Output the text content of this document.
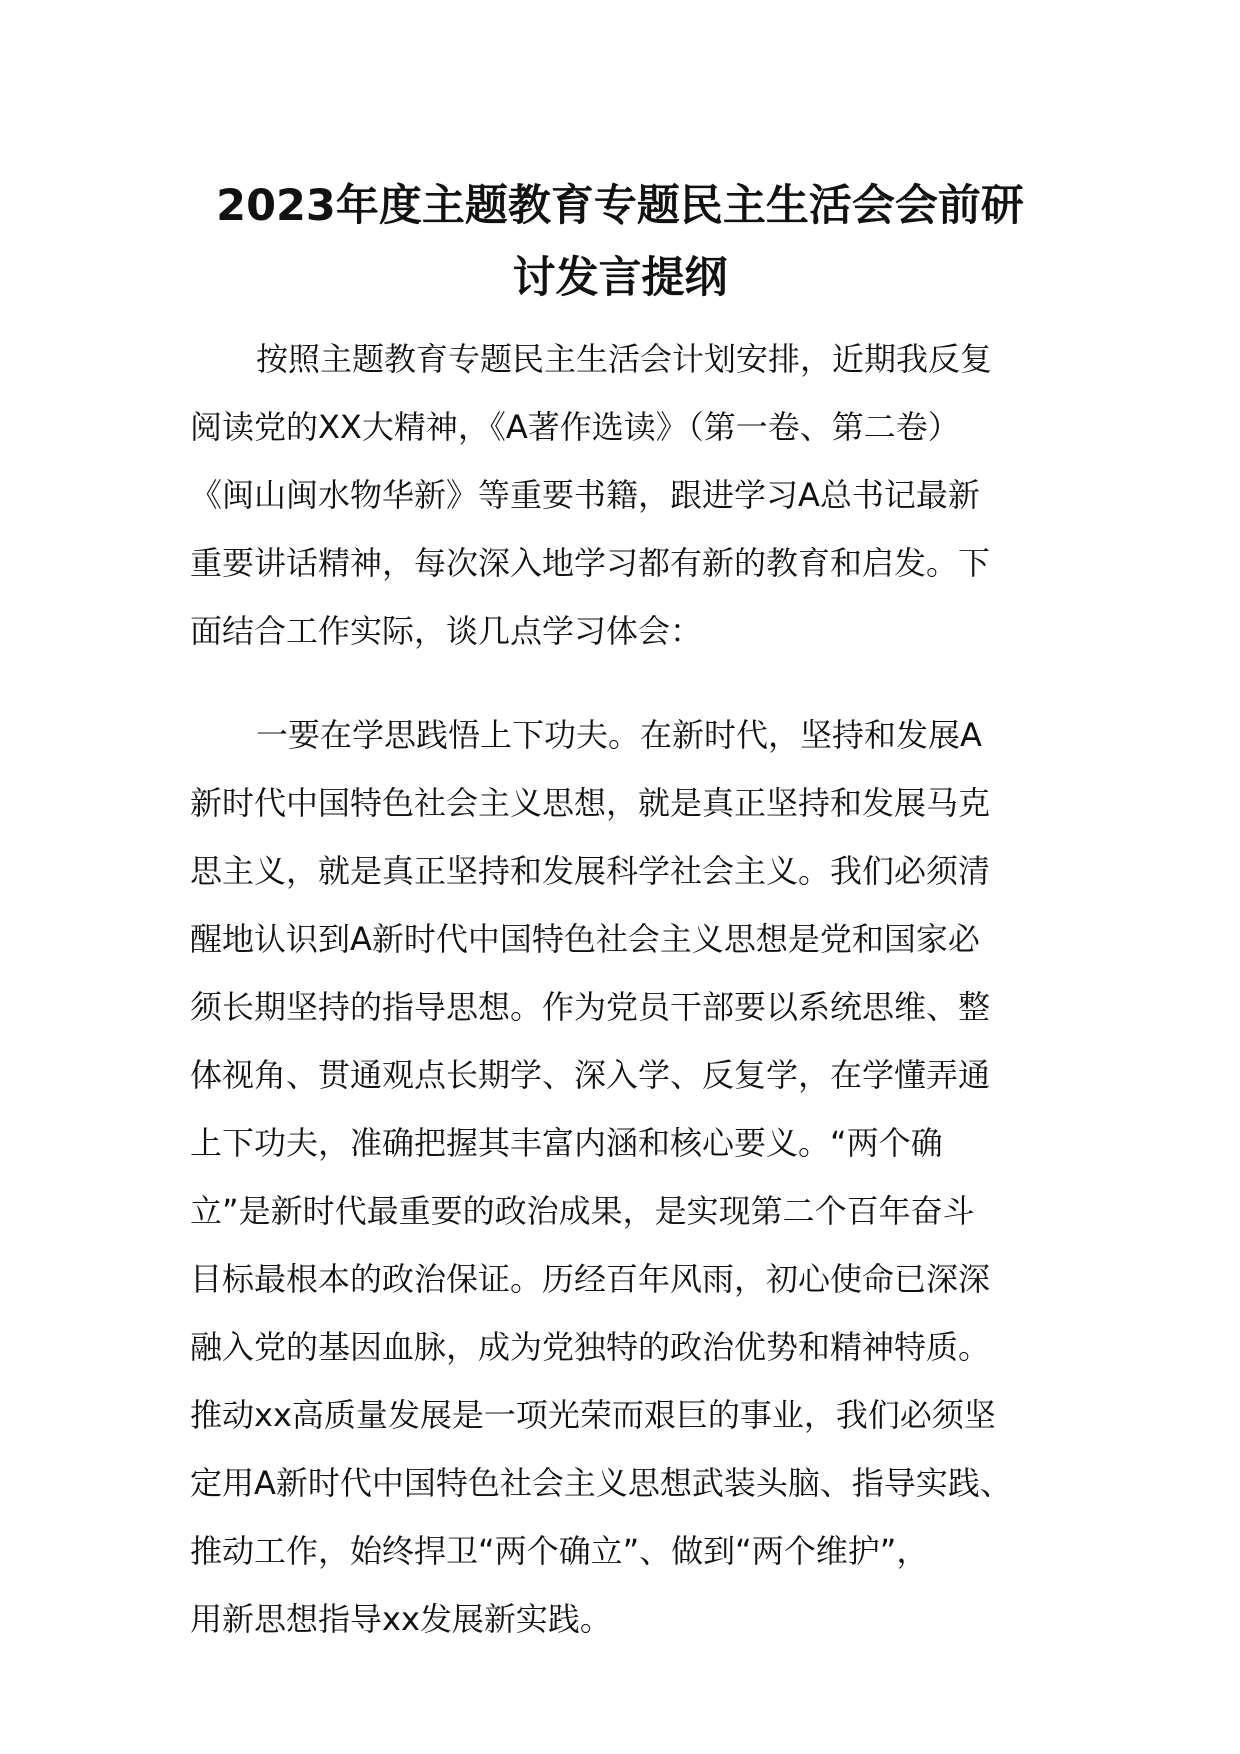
2023年度主题教育专题民主生活会会前研
讨发言提纲

按照主题教育专题民主生活会计划安排，近期我反复
阅读党的XX大精神，《A著作选读》（第一卷、第二卷）
《闽山闽水物华新》等重要书籍，跟进学习A总书记最新
重要讲话精神，每次深入地学习都有新的教育和启发。下
面结合工作实际，谈几点学习体会：

一要在学思践悟上下功夫。在新时代，坚持和发展A
新时代中国特色社会主义思想，就是真正坚持和发展马克
思主义，就是真正坚持和发展科学社会主义。我们必须清
醒地认识到A新时代中国特色社会主义思想是党和国家必
须长期坚持的指导思想。作为党员干部要以系统思维、整
体视角、贯通观点长期学、深入学、反复学，在学懂弄通
上下功夫，准确把握其丰富内涵和核心要义。“两个确
立”是新时代最重要的政治成果，是实现第二个百年奋斗
目标最根本的政治保证。历经百年风雨，初心使命已深深
融入党的基因血脉，成为党独特的政治优势和精神特质。
推动xx高质量发展是一项光荣而艰巨的事业，我们必须坚
定用A新时代中国特色社会主义思想武装头脑、指导实践、
推动工作，始终捍卫“两个确立”、做到“两个维护”，
用新思想指导xx发展新实践。
